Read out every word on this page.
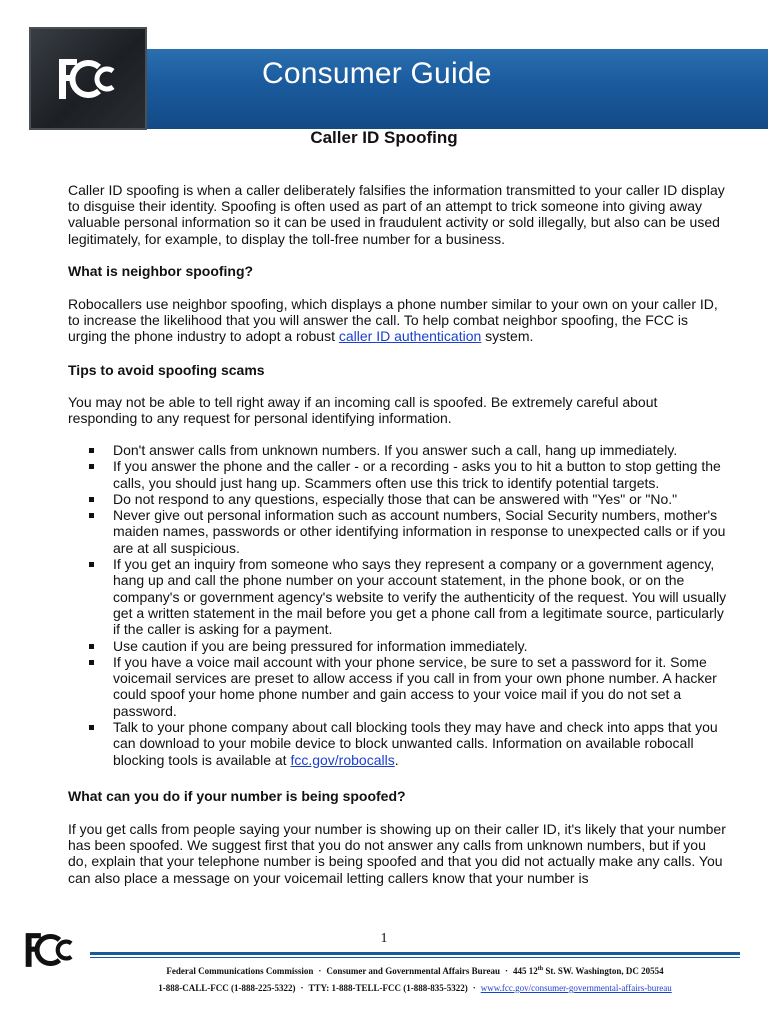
Consumer Guide
Caller ID Spoofing
Caller ID spoofing is when a caller deliberately falsifies the information transmitted to your caller ID display to disguise their identity. Spoofing is often used as part of an attempt to trick someone into giving away valuable personal information so it can be used in fraudulent activity or sold illegally, but also can be used legitimately, for example, to display the toll-free number for a business.
What is neighbor spoofing?
Robocallers use neighbor spoofing, which displays a phone number similar to your own on your caller ID, to increase the likelihood that you will answer the call. To help combat neighbor spoofing, the FCC is urging the phone industry to adopt a robust caller ID authentication system.
Tips to avoid spoofing scams
You may not be able to tell right away if an incoming call is spoofed. Be extremely careful about responding to any request for personal identifying information.
Don't answer calls from unknown numbers. If you answer such a call, hang up immediately.
If you answer the phone and the caller - or a recording - asks you to hit a button to stop getting the calls, you should just hang up. Scammers often use this trick to identify potential targets.
Do not respond to any questions, especially those that can be answered with "Yes" or "No."
Never give out personal information such as account numbers, Social Security numbers, mother's maiden names, passwords or other identifying information in response to unexpected calls or if you are at all suspicious.
If you get an inquiry from someone who says they represent a company or a government agency, hang up and call the phone number on your account statement, in the phone book, or on the company's or government agency's website to verify the authenticity of the request. You will usually get a written statement in the mail before you get a phone call from a legitimate source, particularly if the caller is asking for a payment.
Use caution if you are being pressured for information immediately.
If you have a voice mail account with your phone service, be sure to set a password for it. Some voicemail services are preset to allow access if you call in from your own phone number. A hacker could spoof your home phone number and gain access to your voice mail if you do not set a password.
Talk to your phone company about call blocking tools they may have and check into apps that you can download to your mobile device to block unwanted calls. Information on available robocall blocking tools is available at fcc.gov/robocalls.
What can you do if your number is being spoofed?
If you get calls from people saying your number is showing up on their caller ID, it's likely that your number has been spoofed. We suggest first that you do not answer any calls from unknown numbers, but if you do, explain that your telephone number is being spoofed and that you did not actually make any calls. You can also place a message on your voicemail letting callers know that your number is
1
Federal Communications Commission · Consumer and Governmental Affairs Bureau · 445 12th St. SW. Washington, DC 20554
1-888-CALL-FCC (1-888-225-5322) · TTY: 1-888-TELL-FCC (1-888-835-5322) · www.fcc.gov/consumer-governmental-affairs-bureau
